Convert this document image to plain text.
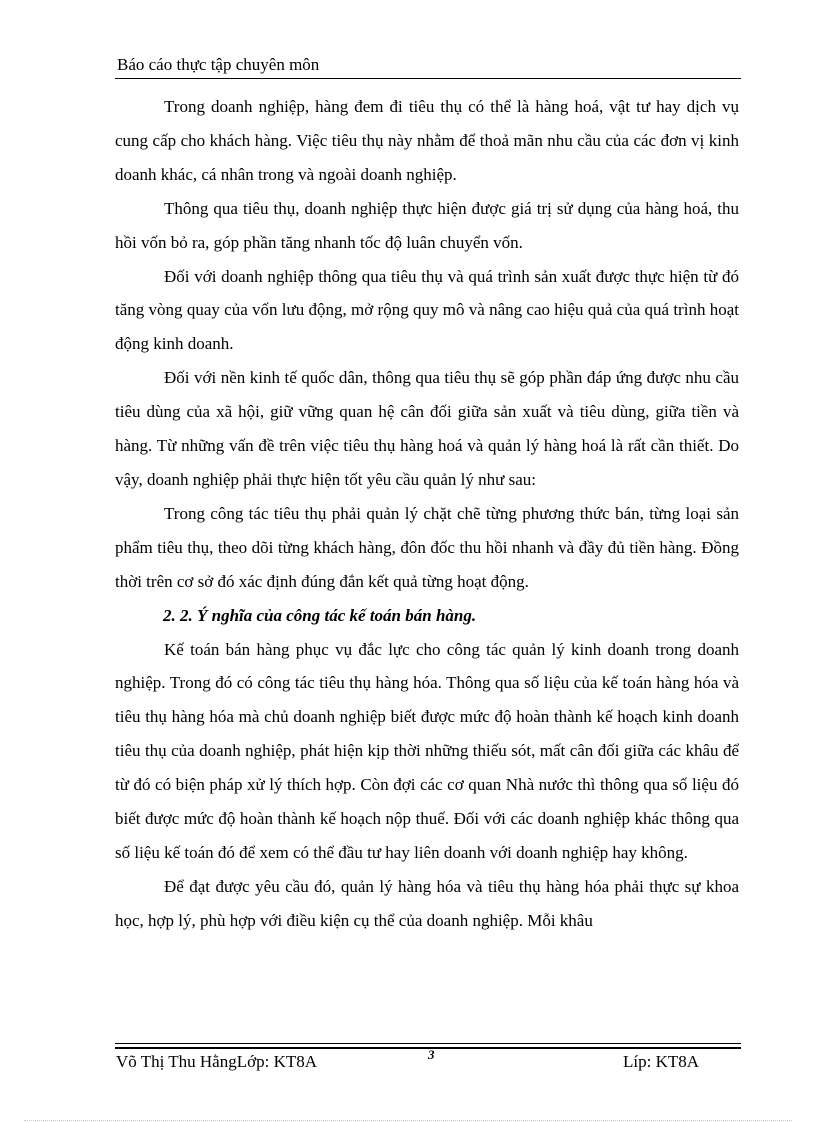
Báo cáo thực tập chuyên môn

Trong doanh nghiệp, hàng đem đi tiêu thụ có thể là hàng hoá, vật tư hay dịch vụ cung cấp cho khách hàng. Việc tiêu thụ này nhằm để thoả mãn nhu cầu của các đơn vị kinh doanh khác, cá nhân trong và ngoài doanh nghiệp.

Thông qua tiêu thụ, doanh nghiệp thực hiện được giá trị sử dụng của hàng hoá, thu hồi vốn bỏ ra, góp phần tăng nhanh tốc độ luân chuyển vốn.

Đối với doanh nghiệp thông qua tiêu thụ và quá trình sản xuất được thực hiện từ đó tăng vòng quay của vốn lưu động, mở rộng quy mô và nâng cao hiệu quả của quá trình hoạt động kinh doanh.

Đối với nền kinh tế quốc dân, thông qua tiêu thụ sẽ góp phần đáp ứng được nhu cầu tiêu dùng của xã hội, giữ vững quan hệ cân đối giữa sản xuất và tiêu dùng, giữa tiền và hàng. Từ những vấn đề trên việc tiêu thụ hàng hoá và quản lý hàng hoá là rất cần thiết. Do vậy, doanh nghiệp phải thực hiện tốt yêu cầu quản lý như sau:

Trong công tác tiêu thụ phải quản lý chặt chẽ từng phương thức bán, từng loại sản phẩm tiêu thụ, theo dõi từng khách hàng, đôn đốc thu hồi nhanh và đầy đủ tiền hàng. Đồng thời trên cơ sở đó xác định đúng đắn kết quả từng hoạt động.

2. 2. Ý nghĩa của công tác kế toán bán hàng.

Kế toán bán hàng phục vụ đắc lực cho công tác quản lý kinh doanh trong doanh nghiệp. Trong đó có công tác tiêu thụ hàng hóa. Thông qua số liệu của kế toán hàng hóa và tiêu thụ hàng hóa mà chủ doanh nghiệp biết được mức độ hoàn thành kế hoạch kinh doanh tiêu thụ của doanh nghiệp, phát hiện kịp thời những thiếu sót, mất cân đối giữa các khâu để từ đó có biện pháp xử lý thích hợp. Còn đợi các cơ quan Nhà nước thì thông qua số liệu đó biết được mức độ hoàn thành kế hoạch nộp thuế. Đối với các doanh nghiệp khác thông qua số liệu kế toán đó để xem có thể đầu tư hay liên doanh với doanh nghiệp hay không.

Để đạt được yêu cầu đó, quản lý hàng hóa và tiêu thụ hàng hóa phải thực sự khoa học, hợp lý, phù hợp với điều kiện cụ thể của doanh nghiệp. Mỗi khâu

Võ Thị Thu HằngLớp: KT8A	3	Líp: KT8A
